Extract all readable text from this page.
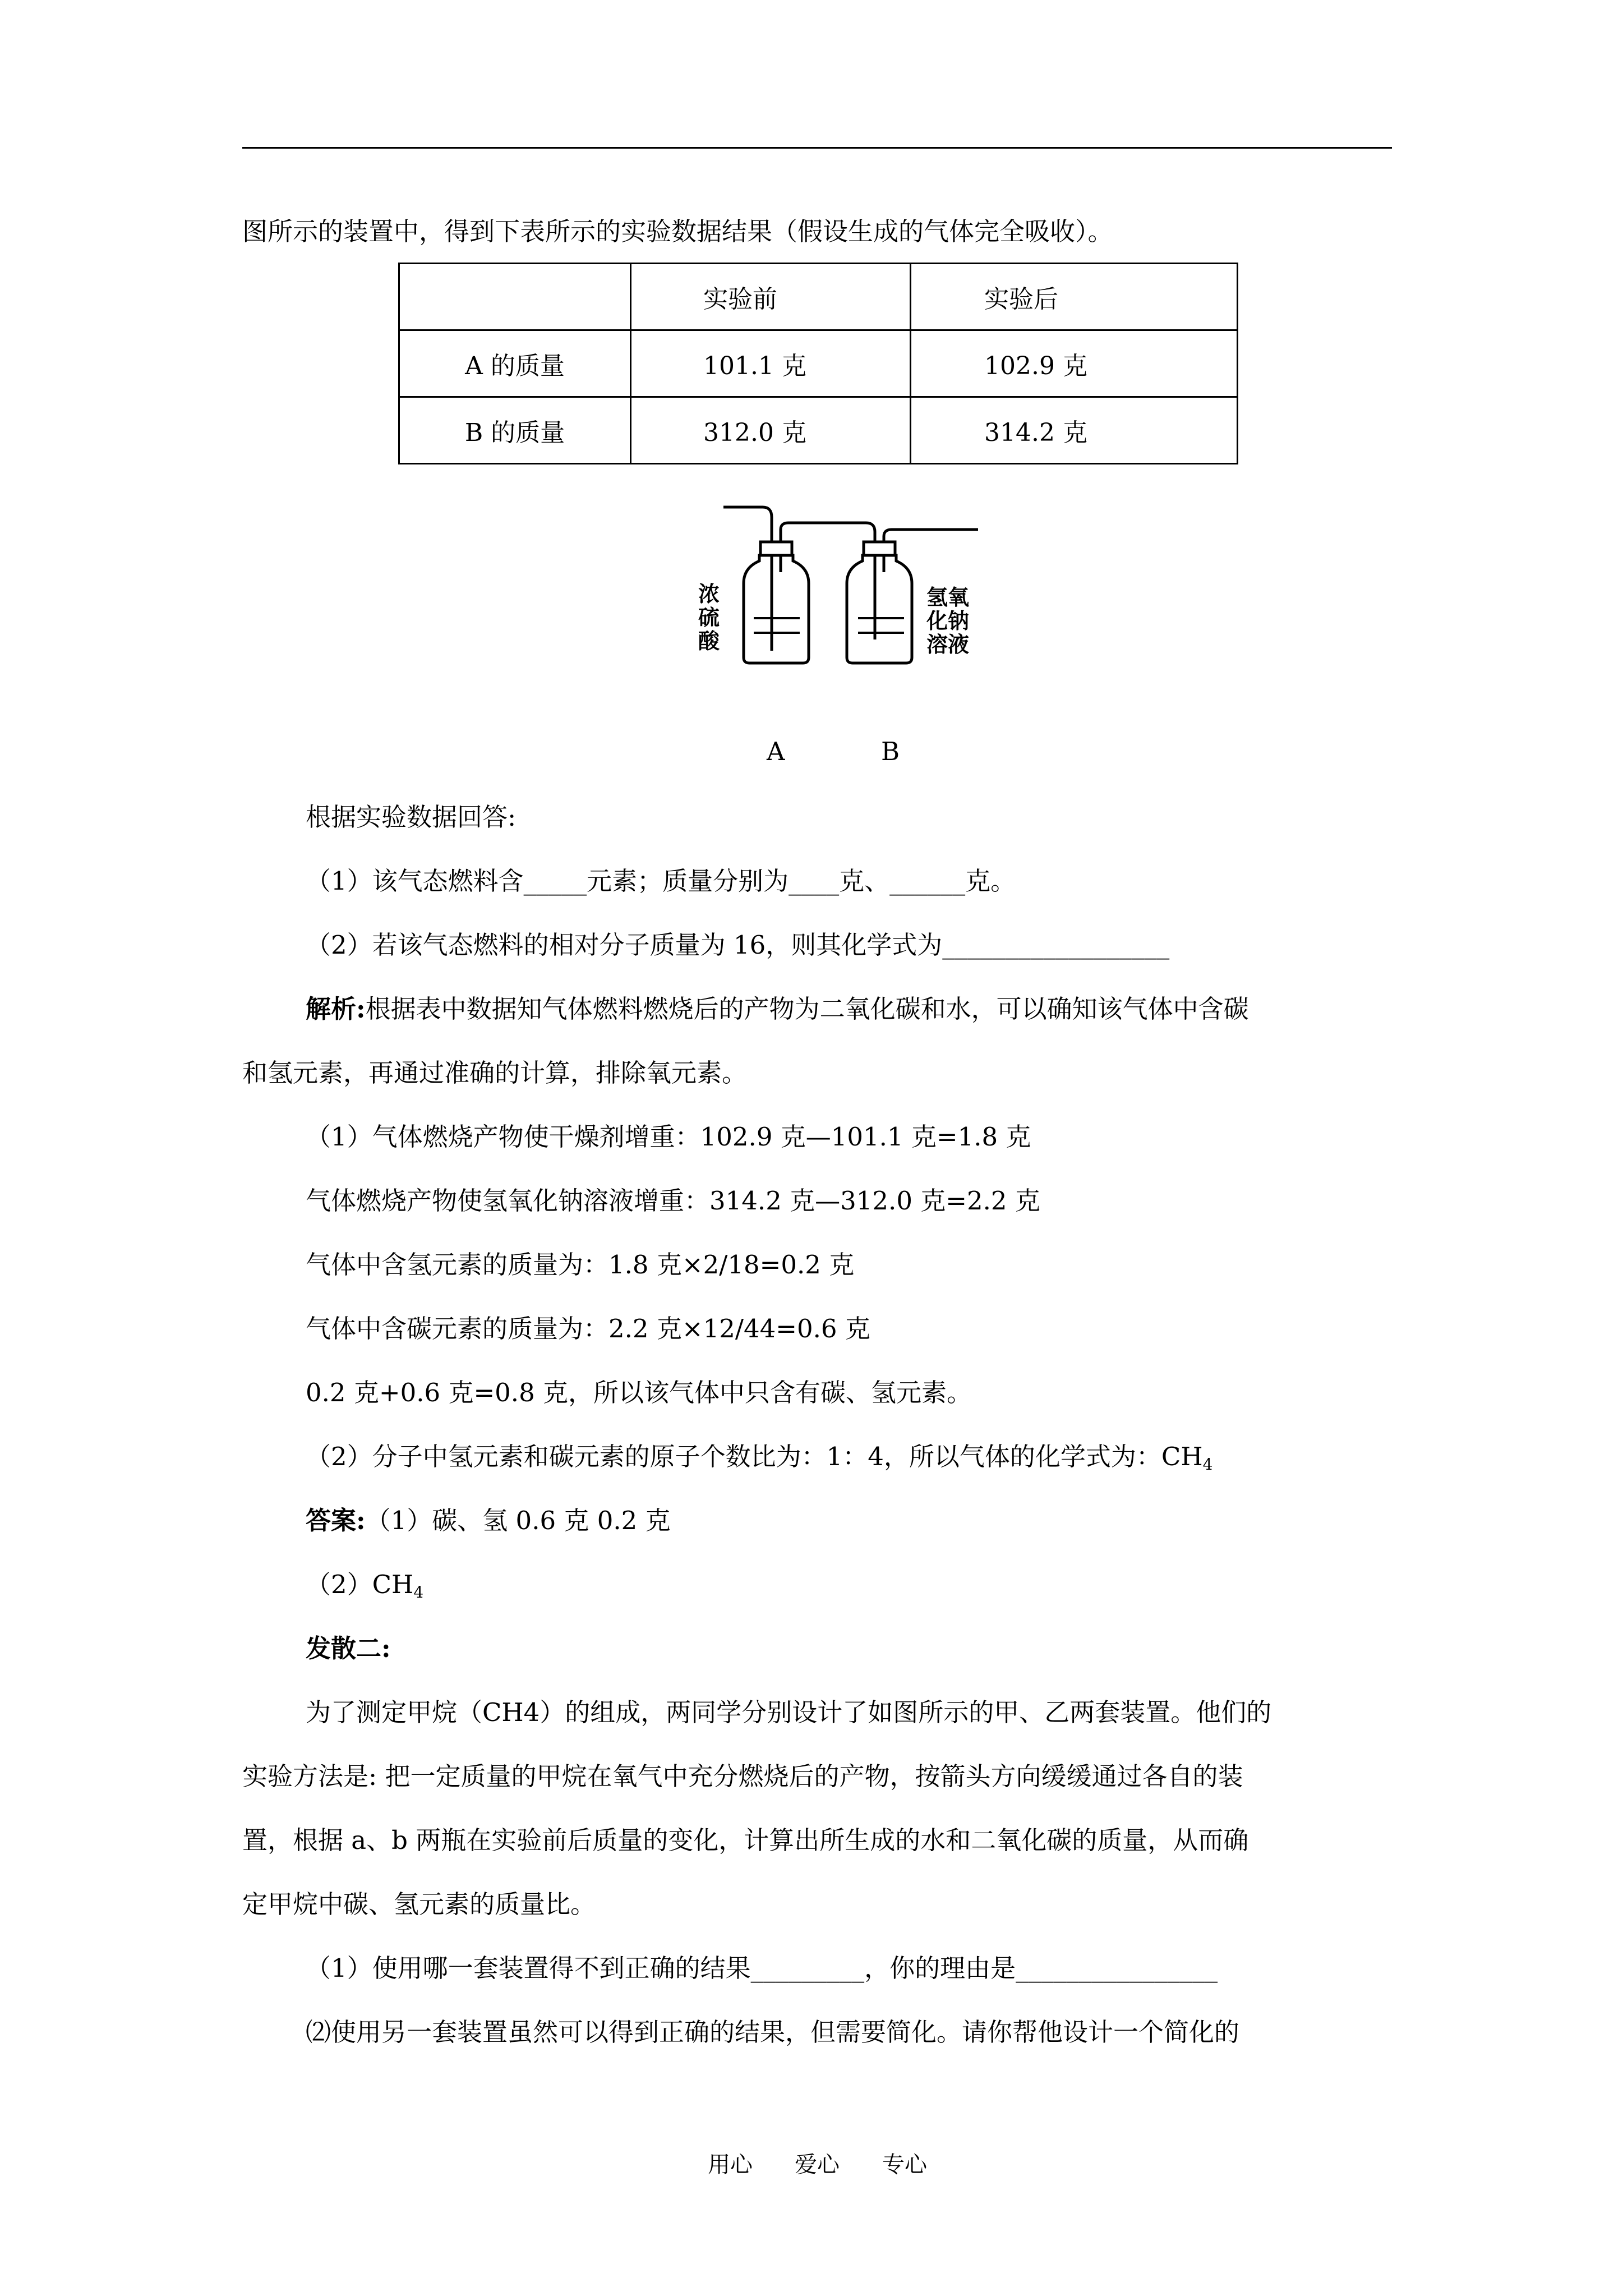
图所示的装置中，得到下表所示的实验数据结果（假设生成的气体完全吸收）。
	实验前	实验后
A 的质量	101.1 克	102.9 克
B 的质量	312.0 克	314.2 克
浓
硫
酸
氢氧
化钠
溶液
A	B
根据实验数据回答:
（1）该气态燃料含_____元素；质量分别为____克、______克。
（2）若该气态燃料的相对分子质量为 16，则其化学式为__________________
解析:根据表中数据知气体燃料燃烧后的产物为二氧化碳和水，可以确知该气体中含碳
和氢元素，再通过准确的计算，排除氧元素。
（1）气体燃烧产物使干燥剂增重：102.9 克—101.1 克=1.8 克
气体燃烧产物使氢氧化钠溶液增重：314.2 克—312.0 克=2.2 克
气体中含氢元素的质量为：1.8 克×2/18=0.2 克
气体中含碳元素的质量为：2.2 克×12/44=0.6 克
0.2 克+0.6 克=0.8 克，所以该气体中只含有碳、氢元素。
（2）分子中氢元素和碳元素的原子个数比为：1：4，所以气体的化学式为：$CH_4$
答案:（1）碳、氢 0.6 克 0.2 克
$(2)CH_4$
发散二:
为了测定甲烷（CH4）的组成，两同学分别设计了如图所示的甲、乙两套装置。他们的
实验方法是: 把一定质量的甲烷在氧气中充分燃烧后的产物，按箭头方向缓缓通过各自的装
置，根据 a、b 两瓶在实验前后质量的变化，计算出所生成的水和二氧化碳的质量，从而确
定甲烷中碳、氢元素的质量比。
（1）使用哪一套装置得不到正确的结果_________，你的理由是________________
⑵使用另一套装置虽然可以得到正确的结果，但需要简化。请你帮他设计一个简化的
用心 爱心 专心
